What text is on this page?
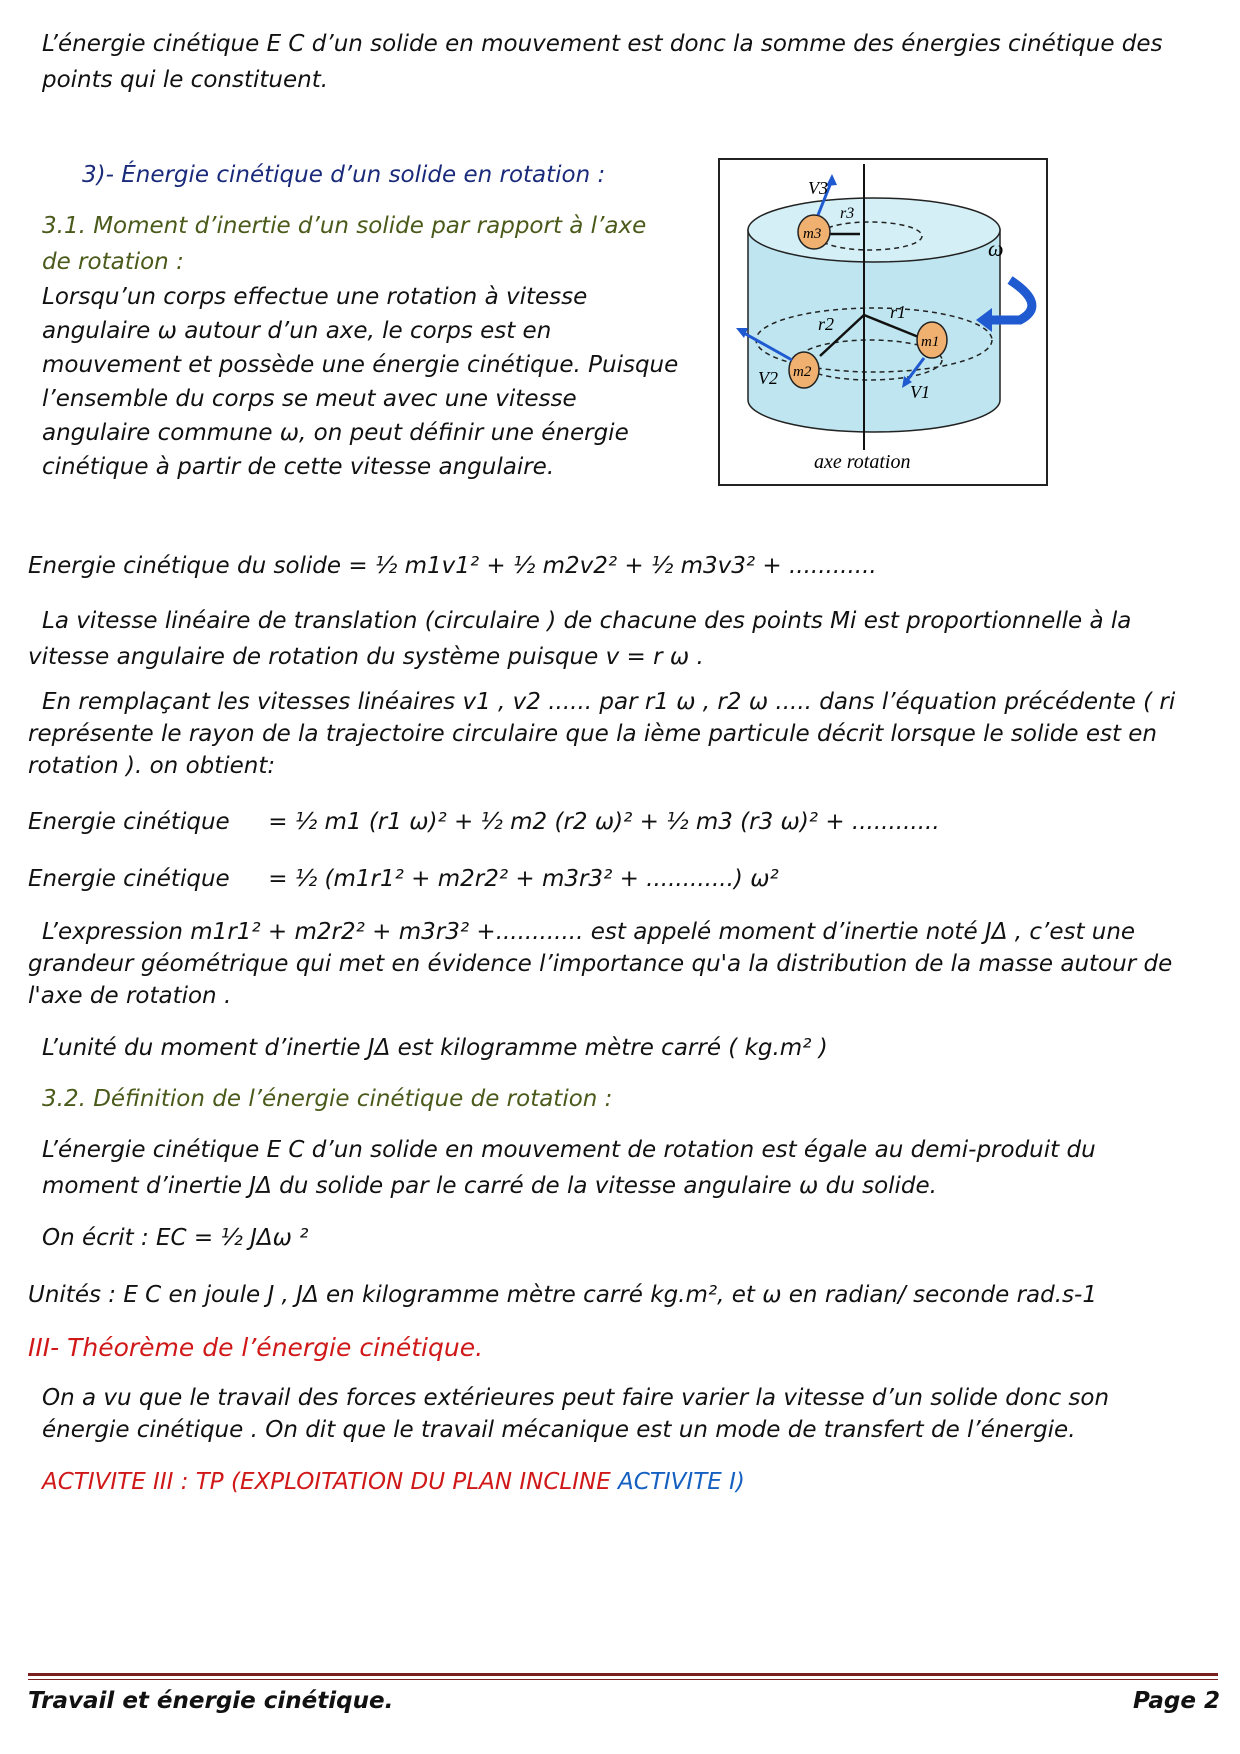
L’énergie cinétique E C d’un solide en mouvement est donc la somme des énergies cinétique des points qui le constituent.
3)- Énergie cinétique d’un solide en rotation :
3.1. Moment d’inertie d’un solide par rapport à l’axe de rotation :
Lorsqu’un corps effectue une rotation à vitesse angulaire ω autour d’un axe, le corps est en mouvement et possède une énergie cinétique. Puisque l’ensemble du corps se meut avec une vitesse angulaire commune ω, on peut définir une énergie cinétique à partir de cette vitesse angulaire.
V3
r3
m3
ω
r1
r2
m1
m2
V2
V1
axe rotation
Energie cinétique du solide = ½ m1v1² + ½ m2v2² + ½ m3v3² + ............
La vitesse linéaire de translation (circulaire ) de chacune des points Mi est proportionnelle à la vitesse angulaire de rotation du système puisque v = r ω .
En remplaçant les vitesses linéaires v1 , v2 ...... par r1 ω , r2 ω ..... dans l’équation précédente ( ri représente le rayon de la trajectoire circulaire que la ième particule décrit lorsque le solide est en rotation ). on obtient:
Energie cinétique = ½ m1 (r1 ω)² + ½ m2 (r2 ω)² + ½ m3 (r3 ω)² + ............
Energie cinétique = ½ (m1r1² + m2r2² + m3r3² + ............) ω²
L’expression m1r1² + m2r2² + m3r3² +............ est appelé moment d’inertie noté JΔ , c’est une grandeur géométrique qui met en évidence l’importance qu'a la distribution de la masse autour de l'axe de rotation .
L’unité du moment d’inertie JΔ est kilogramme mètre carré ( kg.m² )
3.2. Définition de l’énergie cinétique de rotation :
L’énergie cinétique E C d’un solide en mouvement de rotation est égale au demi-produit du moment d’inertie JΔ du solide par le carré de la vitesse angulaire ω du solide.
On écrit : EC = ½ JΔω ²
Unités : E C en joule J , JΔ en kilogramme mètre carré kg.m², et ω en radian/ seconde rad.s-1
III- Théorème de l’énergie cinétique.
On a vu que le travail des forces extérieures peut faire varier la vitesse d’un solide donc son énergie cinétique . On dit que le travail mécanique est un mode de transfert de l’énergie.
ACTIVITE III : TP (EXPLOITATION DU PLAN INCLINE ACTIVITE I)
Travail et énergie cinétique.	Page 2
